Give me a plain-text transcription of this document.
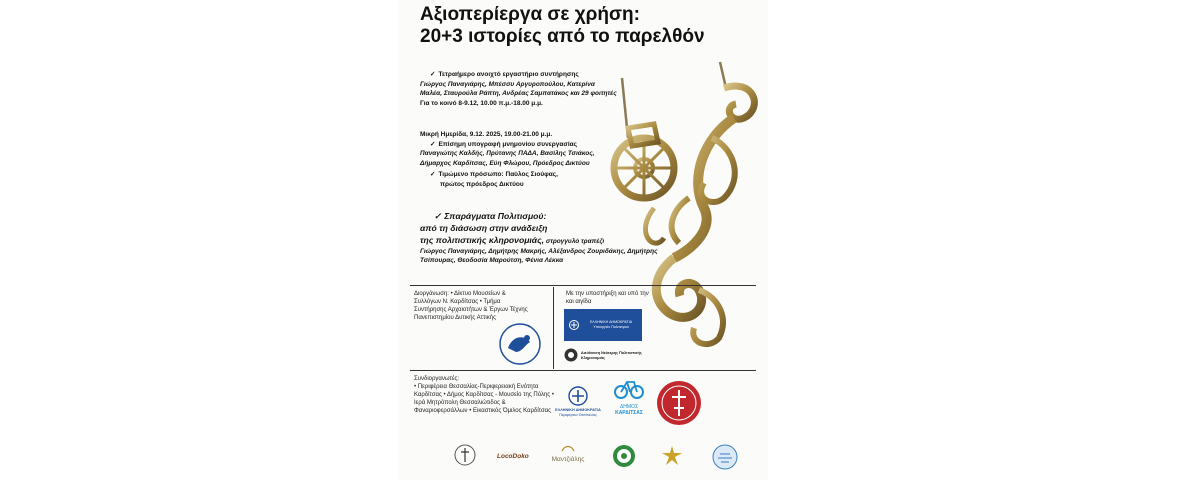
Αξιοπερίεργα σε χρήση:
20+3 ιστορίες από το παρελθόν
✓ Τετραήμερο ανοιχτό εργαστήριο συντήρησης
Γιώργος Παναγιάρης, Μπέσσυ Αργυροπούλου, Κατερίνα Μαλέα, Σταυρούλα Ράπτη, Ανδρέας Σαμπατάκος και 29 φοιτητές
Για το κοινό 8-9.12, 10.00 π.μ.-18.00 μ.μ.
Μικρή Ημερίδα, 9.12. 2025, 19.00-21.00 μ.μ.
✓ Επίσημη υπογραφή μνημονίου συνεργασίας
Παναγιώτης Καλδής, Πρύτανης ΠΑΔΑ, Βασίλης Τσιάκος, Δήμαρχος Καρδίτσας, Εύη Φλώρου, Πρόεδρος Δικτύου
✓ Τιμώμενο πρόσωπο: Παύλος Σιούφας,
πρώτος πρόεδρος Δικτύου
✓ Σπαράγματα Πολιτισμού:
από τη διάσωση στην ανάδειξη
της πολιτιστικής κληρονομιάς, στρογγυλό τραπέζι
Γιώργος Παναγιάρης, Δημήτρης Μακρής, Αλέξανδρος Ζουριδάκης, Δημήτρης Τσίπουρας, Θεοδοσία Μαρούτση, Φένια Λέκκα
Διοργάνωση: • Δίκτυο Μουσείων & Συλλόγων Ν. Καρδίτσας • Τμήμα Συντήρησης Αρχαιοτήτων & Έργων Τέχνης Πανεπιστημίου Δυτικής Αττικής
Με την υποστήριξη και υπό την και αιγίδα
ΕΛΛΗΝΙΚΗ ΔΗΜΟΚΡΑΤΙΑ Υπουργείο Πολιτισμού
Διεύθυνση Νεότερης Πολιτιστικής Κληρονομιάς
Συνδιοργανωτές:
• Περιφέρεια Θεσσαλίας-Περιφερειακή Ενότητα Καρδίτσας • Δήμος Καρδίτσας - Μουσείο της Πόλης • Ιερά Μητρόπολη Θεσσαλιώτιδος & Φαναριοφερσάλλων • Εικαστικός Όμιλος Καρδίτσας	ΕΛΛΗΝΙΚΗ ΔΗΜΟΚΡΑΤΙΑ
Περιφέρεια Θεσσαλίας
ΔΗΜΟΣ
ΚΑΡΔΙΤΣΑΣ
LocoDoko	Μαντζιάλης
